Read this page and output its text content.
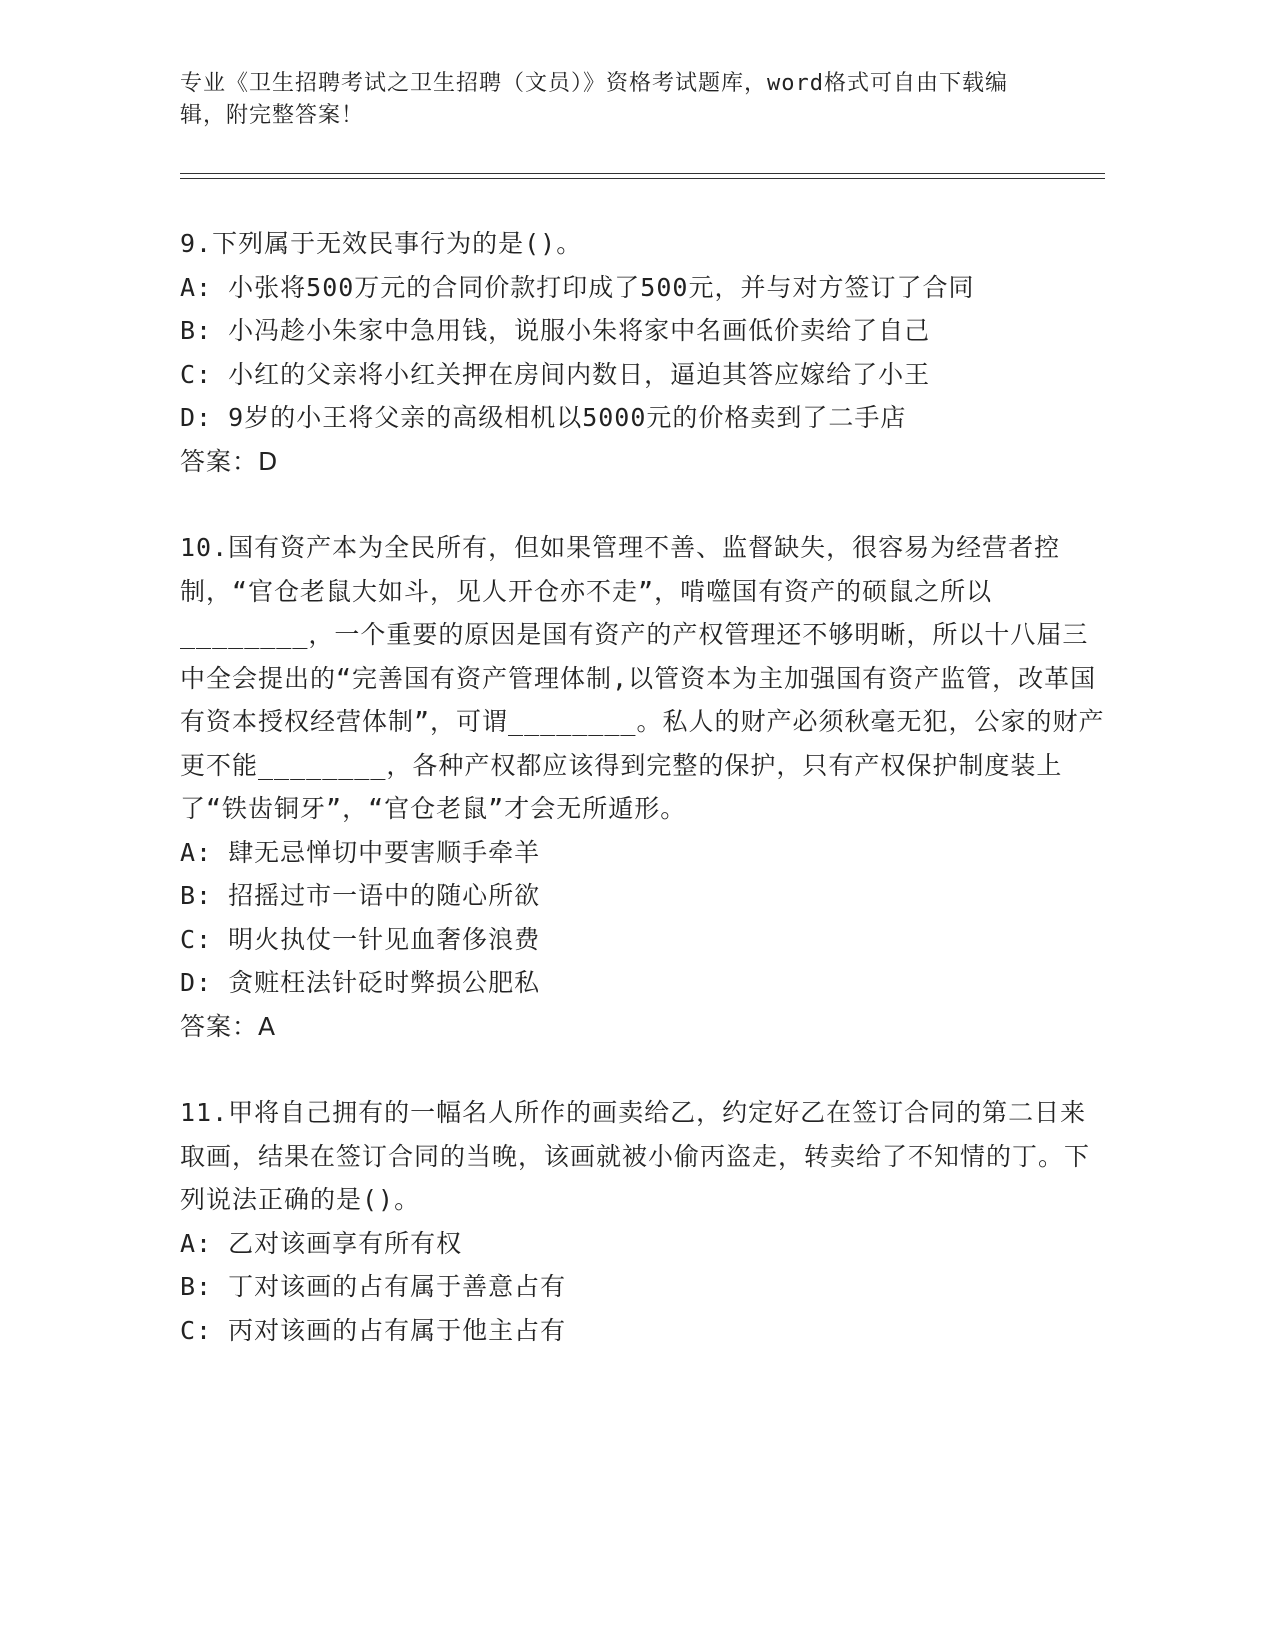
专业《卫生招聘考试之卫生招聘（文员）》资格考试题库，word格式可自由下载编辑，附完整答案！
9.下列属于无效民事行为的是()。
A: 小张将500万元的合同价款打印成了500元，并与对方签订了合同
B: 小冯趁小朱家中急用钱，说服小朱将家中名画低价卖给了自己
C: 小红的父亲将小红关押在房间内数日，逼迫其答应嫁给了小王
D: 9岁的小王将父亲的高级相机以5000元的价格卖到了二手店
答案：D
10.国有资产本为全民所有，但如果管理不善、监督缺失，很容易为经营者控制，“官仓老鼠大如斗，见人开仓亦不走”，啃噬国有资产的硕鼠之所以________，一个重要的原因是国有资产的产权管理还不够明晰，所以十八届三中全会提出的“完善国有资产管理体制,以管资本为主加强国有资产监管，改革国有资本授权经营体制”，可谓________。私人的财产必须秋毫无犯，公家的财产更不能________，各种产权都应该得到完整的保护，只有产权保护制度装上了“铁齿铜牙”，“官仓老鼠”才会无所遁形。
A: 肆无忌惮切中要害顺手牵羊
B: 招摇过市一语中的随心所欲
C: 明火执仗一针见血奢侈浪费
D: 贪赃枉法针砭时弊损公肥私
答案：A
11.甲将自己拥有的一幅名人所作的画卖给乙，约定好乙在签订合同的第二日来取画，结果在签订合同的当晚，该画就被小偷丙盗走，转卖给了不知情的丁。下列说法正确的是()。
A: 乙对该画享有所有权
B: 丁对该画的占有属于善意占有
C: 丙对该画的占有属于他主占有
